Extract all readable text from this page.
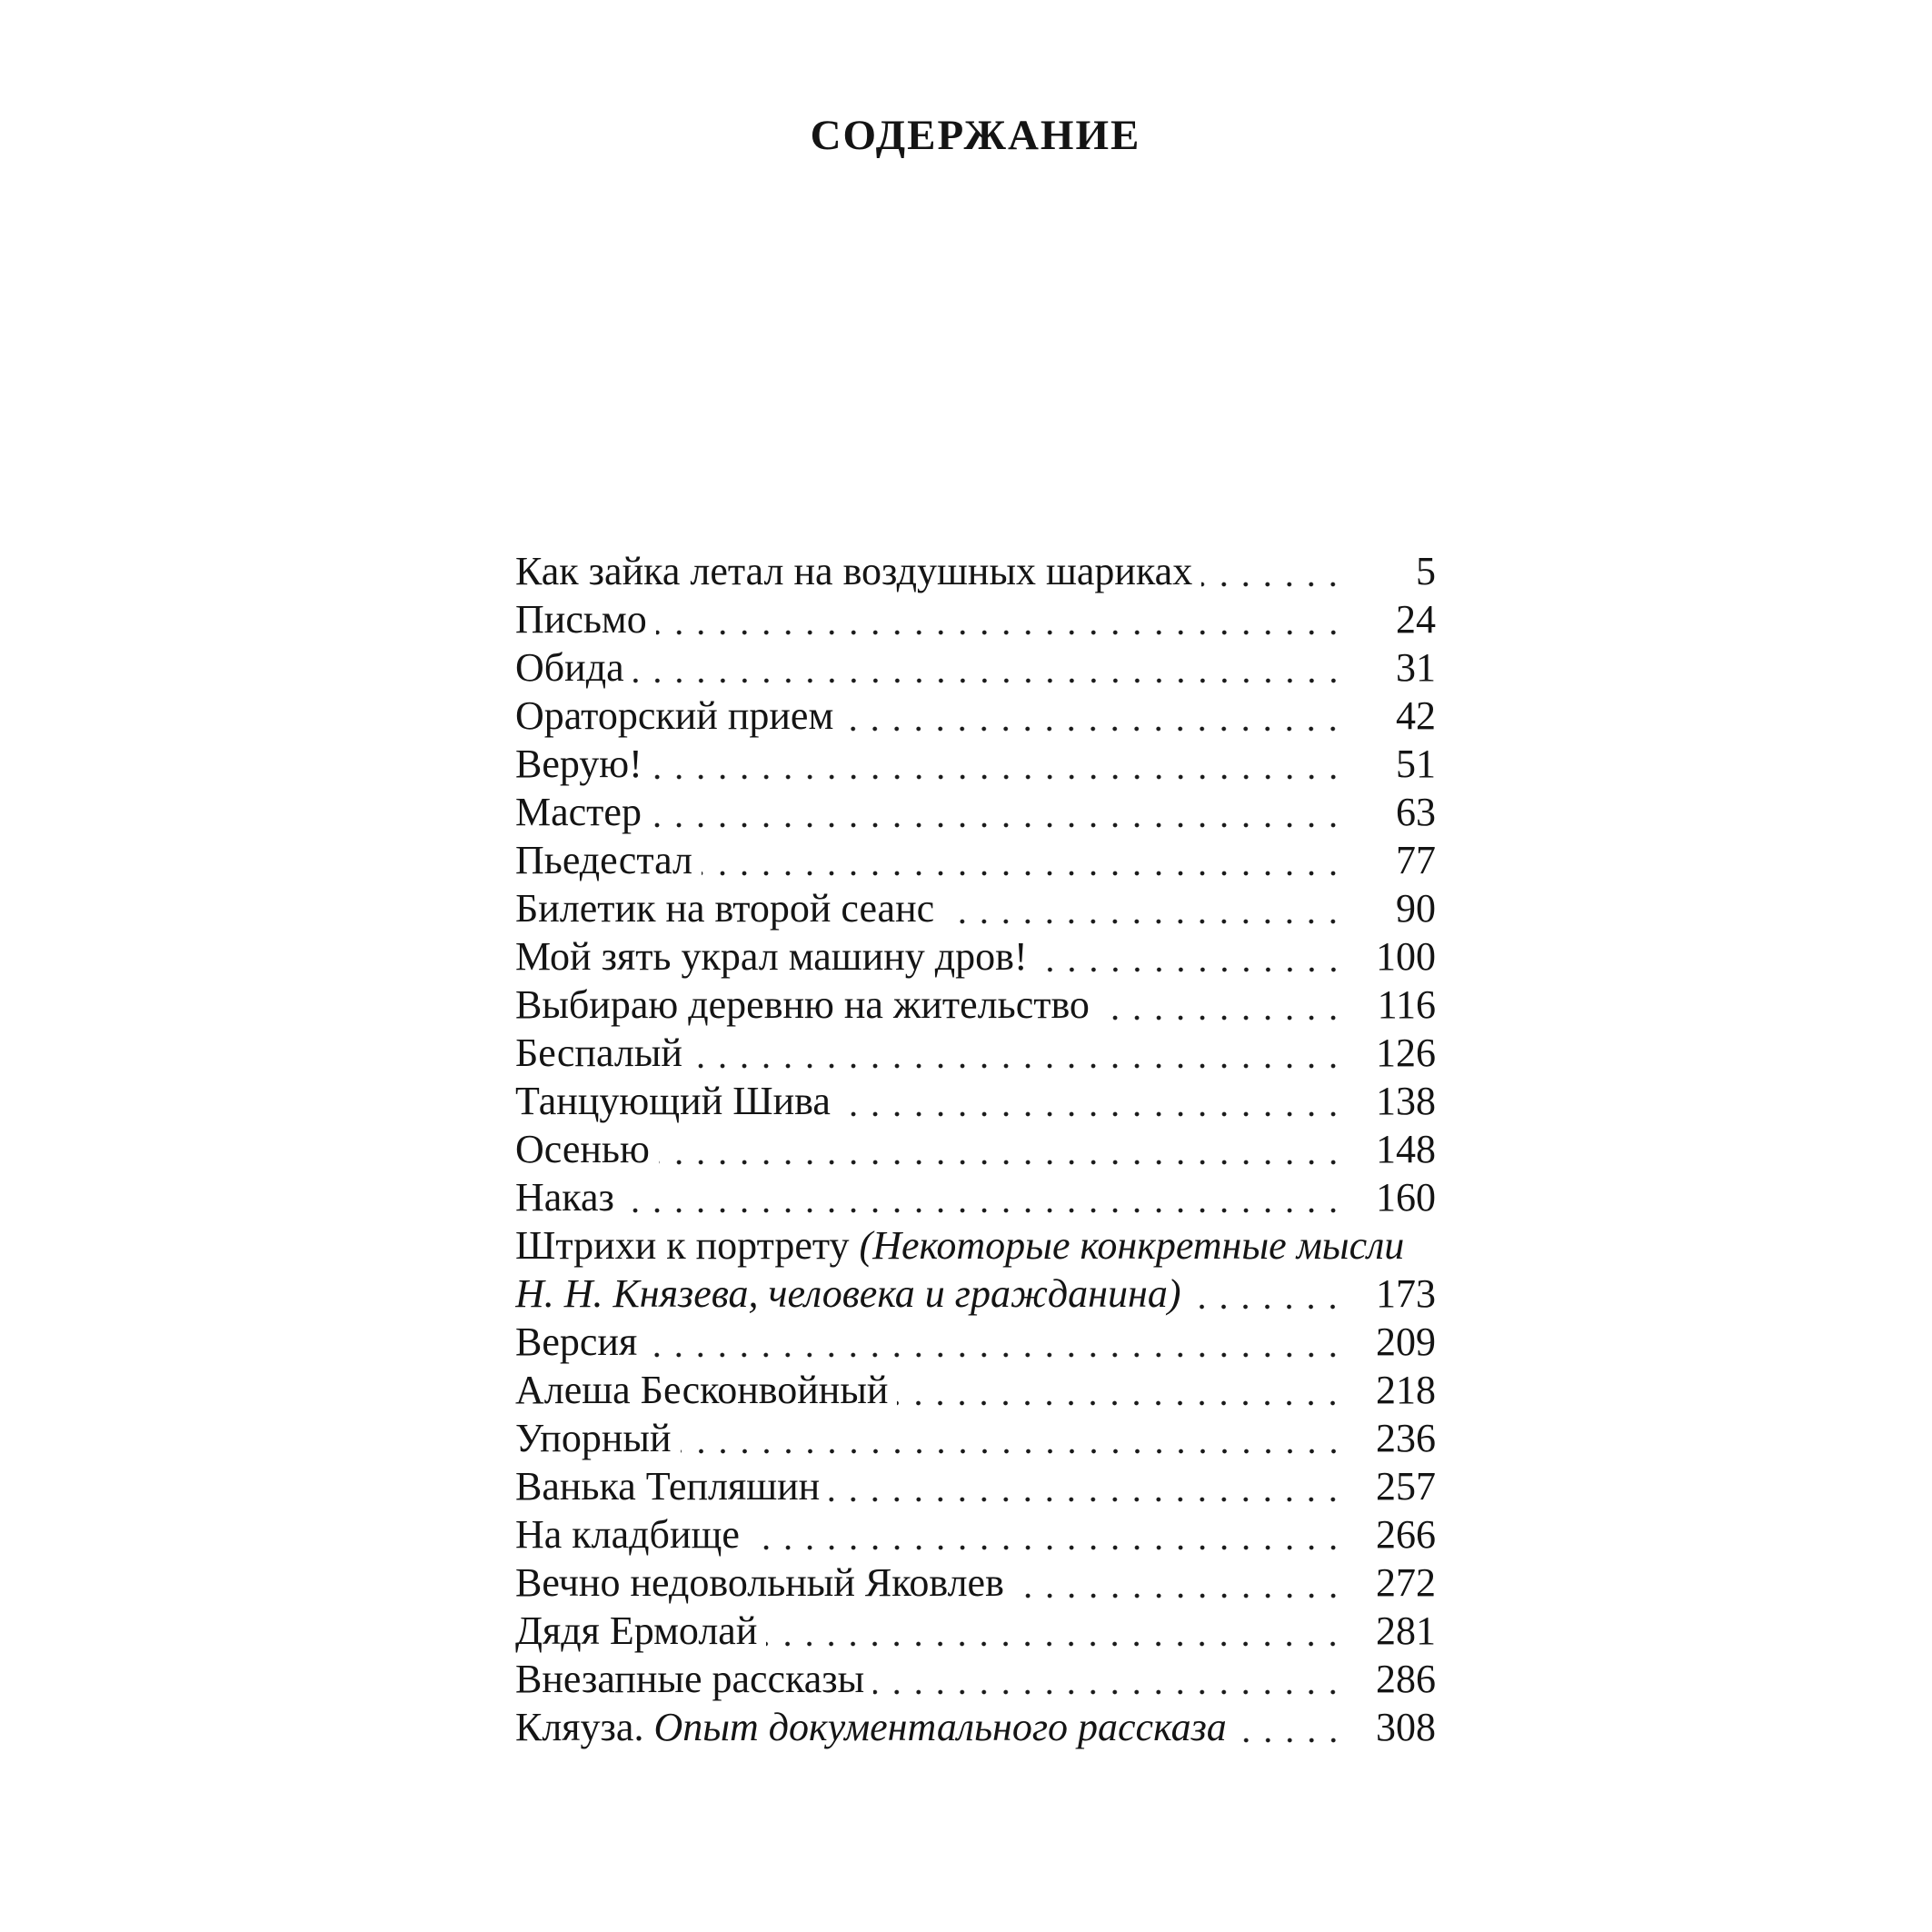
СОДЕРЖАНИЕ
Как зайка летал на воздушных шариках	5
Письмо	24
Обида	31
Ораторский прием	42
Верую!	51
Мастер	63
Пьедестал	77
Билетик на второй сеанс	90
Мой зять украл машину дров!	100
Выбираю деревню на жительство	116
Беспалый	126
Танцующий Шива	138
Осенью	148
Наказ	160
Штрихи к портрету (Некоторые конкретные мысли
Н. Н. Князева, человека и гражданина)	173
Версия	209
Алеша Бесконвойный	218
Упорный	236
Ванька Тепляшин	257
На кладбище	266
Вечно недовольный Яковлев	272
Дядя Ермолай	281
Внезапные рассказы	286
Кляуза. Опыт документального рассказа	308
